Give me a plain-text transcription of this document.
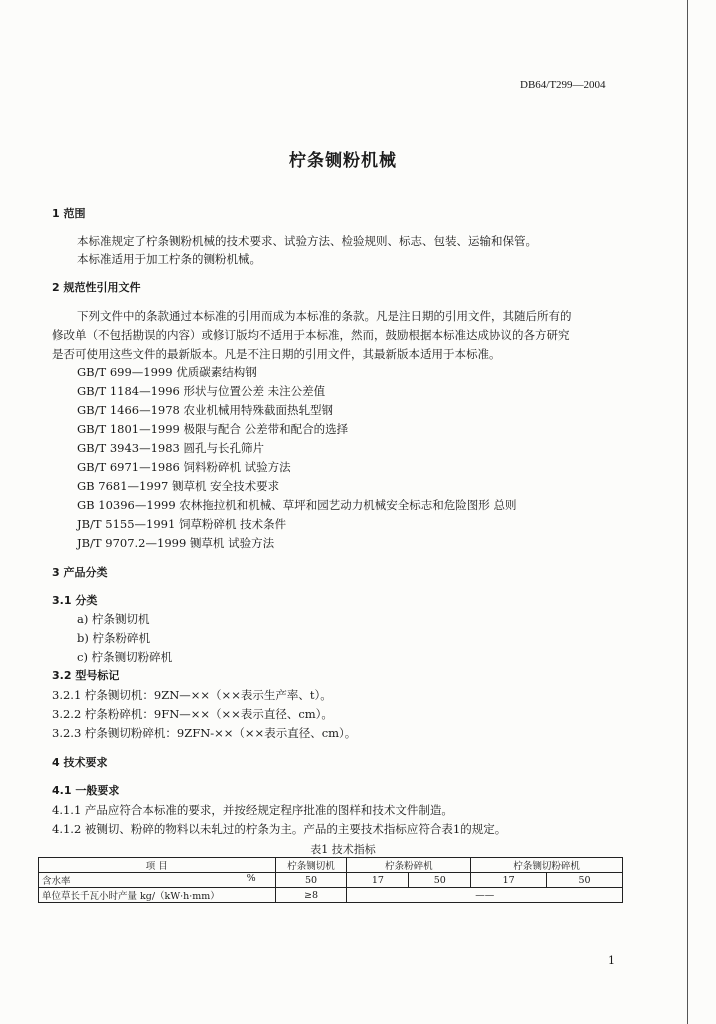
DB64/T299—2004
柠条铡粉机械
1 范围
本标准规定了柠条铡粉机械的技术要求、试验方法、检验规则、标志、包装、运输和保管。
本标准适用于加工柠条的铡粉机械。
2 规范性引用文件
下列文件中的条款通过本标准的引用而成为本标准的条款。凡是注日期的引用文件，其随后所有的
修改单（不包括勘误的内容）或修订版均不适用于本标准，然而，鼓励根据本标准达成协议的各方研究
是否可使用这些文件的最新版本。凡是不注日期的引用文件，其最新版本适用于本标准。
GB/T 699—1999 优质碳素结构钢
GB/T 1184—1996 形状与位置公差 未注公差值
GB/T 1466—1978 农业机械用特殊截面热轧型钢
GB/T 1801—1999 极限与配合 公差带和配合的选择
GB/T 3943—1983 圆孔与长孔筛片
GB/T 6971—1986 饲料粉碎机 试验方法
GB 7681—1997 铡草机 安全技术要求
GB 10396—1999 农林拖拉机和机械、草坪和园艺动力机械安全标志和危险图形 总则
JB/T 5155—1991 饲草粉碎机 技术条件
JB/T 9707.2—1999 铡草机 试验方法
3 产品分类
3.1 分类
a) 柠条铡切机
b) 柠条粉碎机
c) 柠条铡切粉碎机
3.2 型号标记
3.2.1 柠条铡切机：9ZN—××（××表示生产率、t）。
3.2.2 柠条粉碎机：9FN—××（××表示直径、cm）。
3.2.3 柠条铡切粉碎机：9ZFN-××（××表示直径、cm）。
4 技术要求
4.1 一般要求
4.1.1 产品应符合本标准的要求，并按经规定程序批准的图样和技术文件制造。
4.1.2 被铡切、粉碎的物料以未轧过的柠条为主。产品的主要技术指标应符合表1的规定。
表1 技术指标
项 目	柠条铡切机	柠条粉碎机		柠条铡切粉碎机	
含水率 %	50	17	50	17	50
单位草长千瓦小时产量 kg/（kW·h·mm）	≥8	——			
1
